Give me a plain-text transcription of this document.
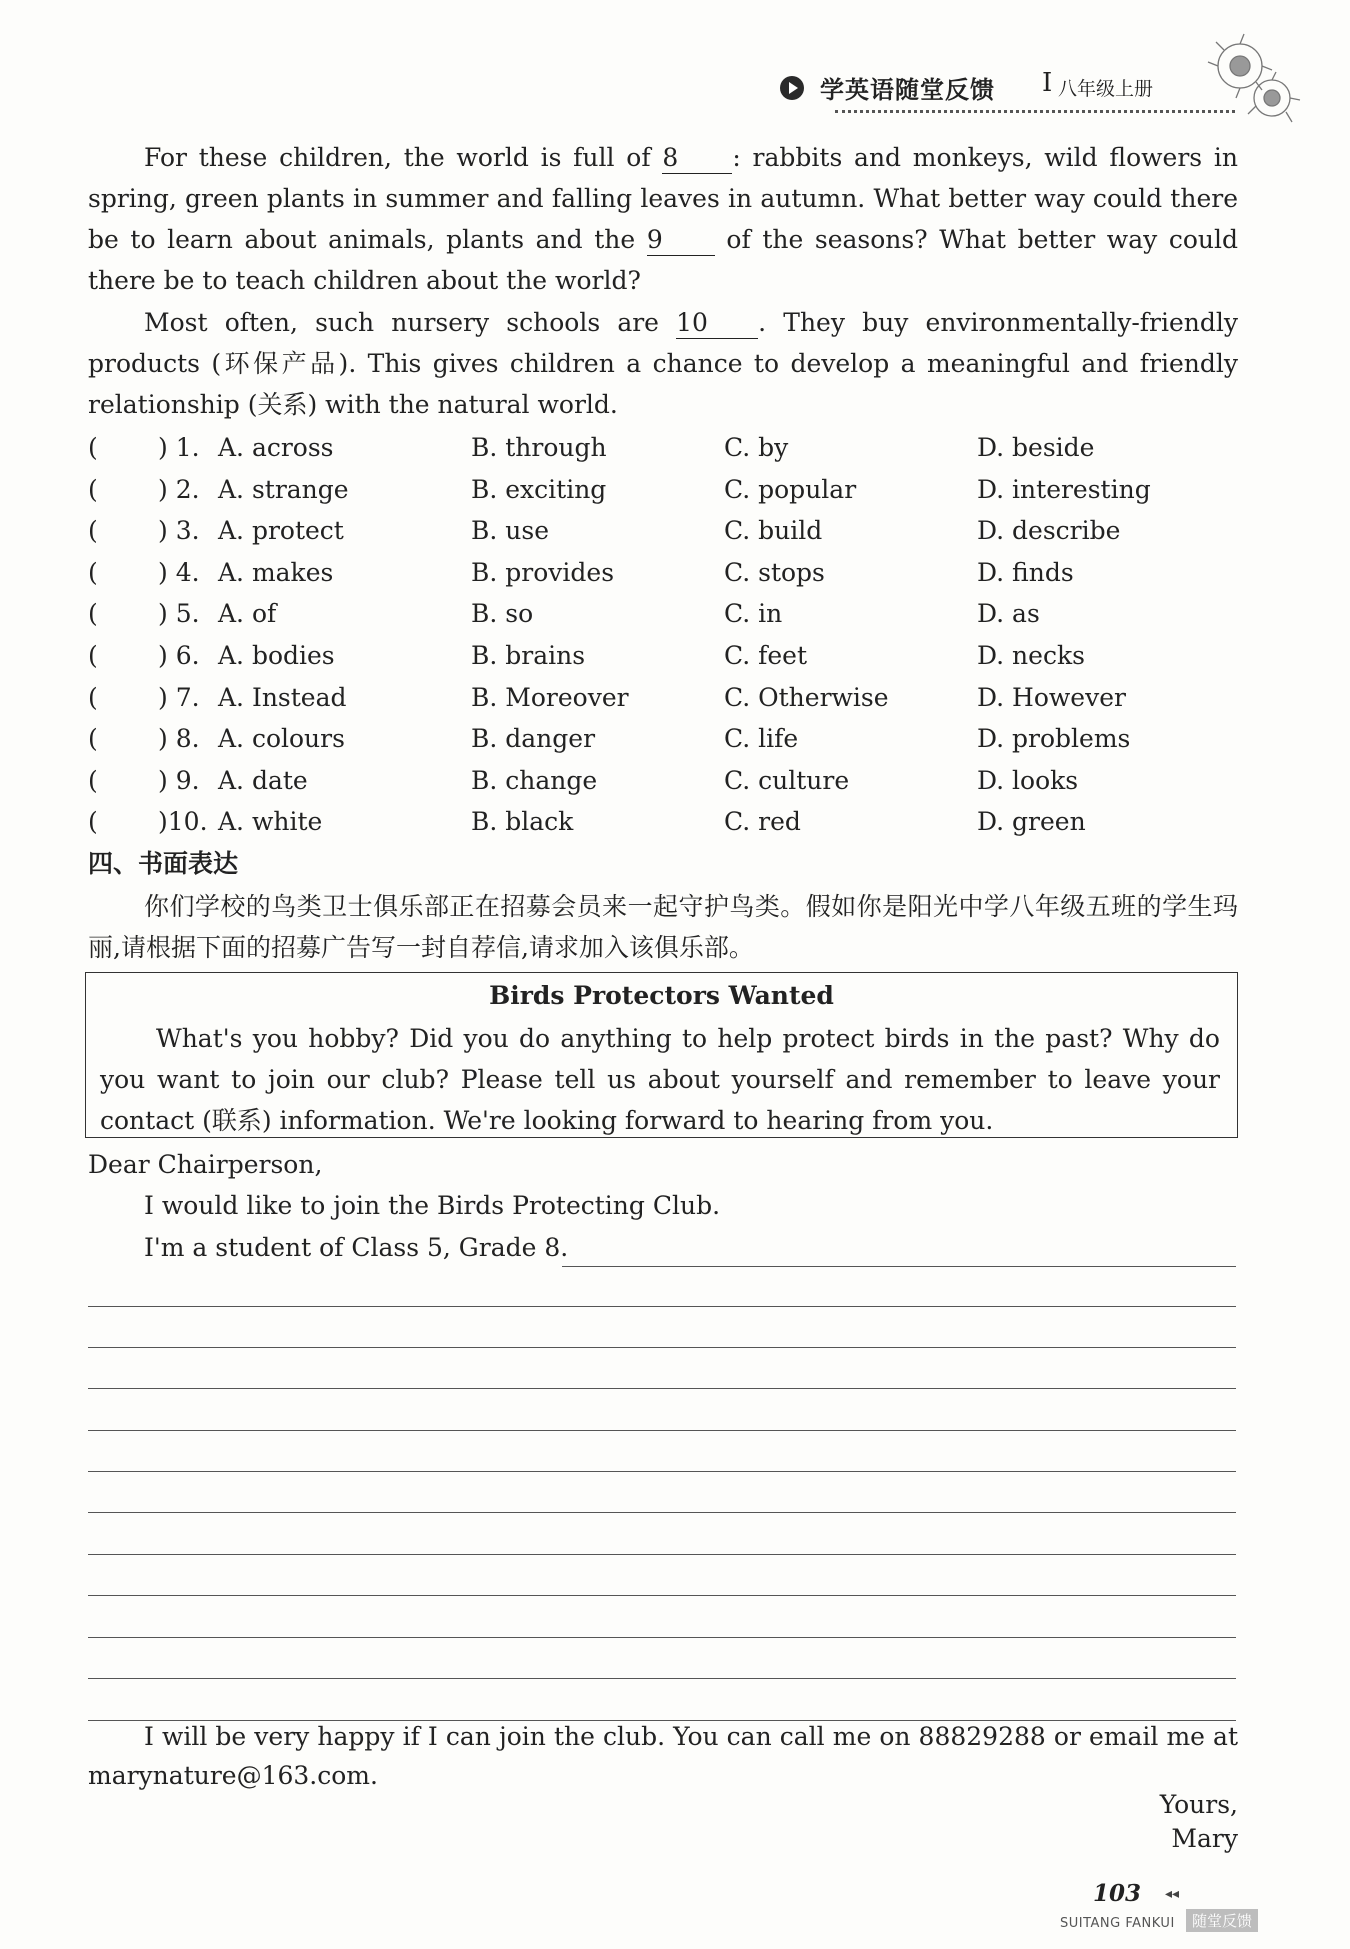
学英语随堂反馈 I 八年级上册
For these children, the world is full of 8 : rabbits and monkeys, wild flowers in spring, green plants in summer and falling leaves in autumn. What better way could there be to learn about animals, plants and the 9 of the seasons? What better way could there be to teach children about the world?
Most often, such nursery schools are 10 . They buy environmentally-friendly products (环保产品). This gives children a chance to develop a meaningful and friendly relationship (关系) with the natural world.
( ) 1. A. across	B. through	C. by	D. beside
( ) 2. A. strange	B. exciting	C. popular	D. interesting
( ) 3. A. protect	B. use	C. build	D. describe
( ) 4. A. makes	B. provides	C. stops	D. finds
( ) 5. A. of	B. so	C. in	D. as
( ) 6. A. bodies	B. brains	C. feet	D. necks
( ) 7. A. Instead	B. Moreover	C. Otherwise	D. However
( ) 8. A. colours	B. danger	C. life	D. problems
( ) 9. A. date	B. change	C. culture	D. looks
( )10. A. white	B. black	C. red	D. green
四、书面表达
你们学校的鸟类卫士俱乐部正在招募会员来一起守护鸟类。假如你是阳光中学八年级五班的学生玛丽,请根据下面的招募广告写一封自荐信,请求加入该俱乐部。
Birds Protectors Wanted
What's you hobby? Did you do anything to help protect birds in the past? Why do you want to join our club? Please tell us about yourself and remember to leave your contact (联系) information. We're looking forward to hearing from you.
Dear Chairperson,
I would like to join the Birds Protecting Club.
I'm a student of Class 5, Grade 8.
I will be very happy if I can join the club. You can call me on 88829288 or email me at marynature@163.com.
Yours,
Mary
103 ◂◂
SUITANG FANKUI	随堂反馈
